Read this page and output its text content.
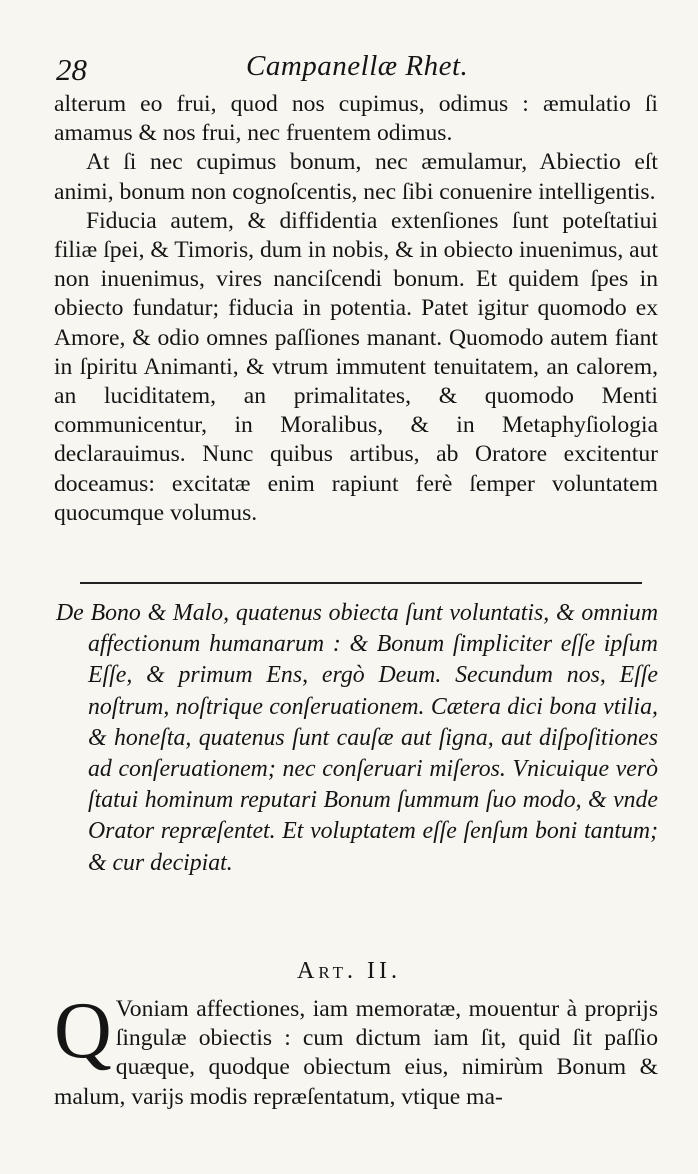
28	Campanellæ Rhet.

alterum eo frui, quod nos cupimus, odimus : æmulatio ſi amamus & nos frui, nec fruentem odimus.

At ſi nec cupimus bonum, nec æmulamur, Abiectio eſt animi, bonum non cognoſcentis, nec ſibi conuenire intelligentis.

Fiducia autem, & diffidentia extenſiones ſunt poteſtatiui filiæ ſpei, & Timoris, dum in nobis, & in obiecto inuenimus, aut non inuenimus, vires nanciſcendi bonum. Et quidem ſpes in obiecto fundatur; fiducia in potentia. Patet igitur quomodo ex Amore, & odio omnes paſſiones manant. Quomodo autem fiant in ſpiritu Animanti, & vtrum immutent tenuitatem, an calorem, an luciditatem, an primalitates, & quomodo Menti communicentur, in Moralibus, & in Metaphyſiologia declarauimus. Nunc quibus artibus, ab Oratore excitentur doceamus: excitatæ enim rapiunt ferè ſemper voluntatem quocumque volumus.

De Bono & Malo, quatenus obiecta ſunt voluntatis, & omnium affectionum humanarum : & Bonum ſimpliciter eſſe ipſum Eſſe, & primum Ens, ergò Deum. Secundum nos, Eſſe noſtrum, noſtrique conſeruationem. Cætera dici bona vtilia, & honeſta, quatenus ſunt cauſæ aut ſigna, aut diſpoſitiones ad conſeruationem; nec conſeruari miſeros. Vnicuique verò ſtatui hominum reputari Bonum ſummum ſuo modo, & vnde Orator repræſentet. Et voluptatem eſſe ſenſum boni tantum; & cur decipiat.

Art. II.
Q Voniam affectiones, iam memoratæ, mouentur à proprijs ſingulæ obiectis : cum dictum iam ſit, quid ſit paſſio quæque, quodque obiectum eius, nimirùm Bonum & malum, varijs modis repræſentatum, vtique ma-
